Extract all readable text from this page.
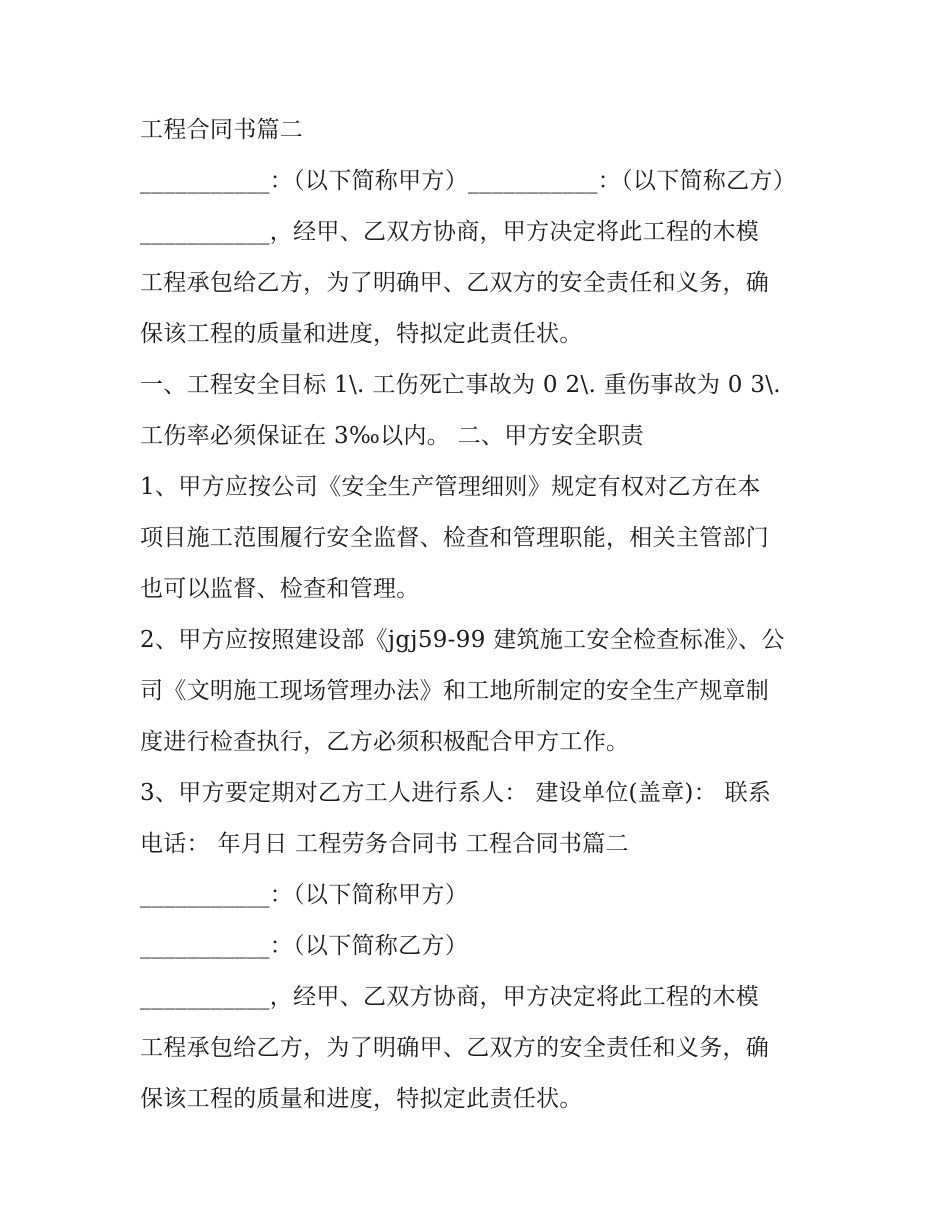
工程合同书篇二
___________：（以下简称甲方）___________：（以下简称乙方）
___________，经甲、乙双方协商，甲方决定将此工程的木模
工程承包给乙方，为了明确甲、乙双方的安全责任和义务，确
保该工程的质量和进度，特拟定此责任状。
一、工程安全目标 1\. 工伤死亡事故为 0 2\. 重伤事故为 0 3\.
工伤率必须保证在 3‰以内。 二、甲方安全职责
1、甲方应按公司《安全生产管理细则》规定有权对乙方在本
项目施工范围履行安全监督、检查和管理职能，相关主管部门
也可以监督、检查和管理。
2、甲方应按照建设部《jgj59-99 建筑施工安全检查标准》、公
司《文明施工现场管理办法》和工地所制定的安全生产规章制
度进行检查执行，乙方必须积极配合甲方工作。
3、甲方要定期对乙方工人进行系人： 建设单位(盖章)： 联系
电话： 年月日 工程劳务合同书 工程合同书篇二
___________：（以下简称甲方）
___________：（以下简称乙方）
___________，经甲、乙双方协商，甲方决定将此工程的木模
工程承包给乙方，为了明确甲、乙双方的安全责任和义务，确
保该工程的质量和进度，特拟定此责任状。
